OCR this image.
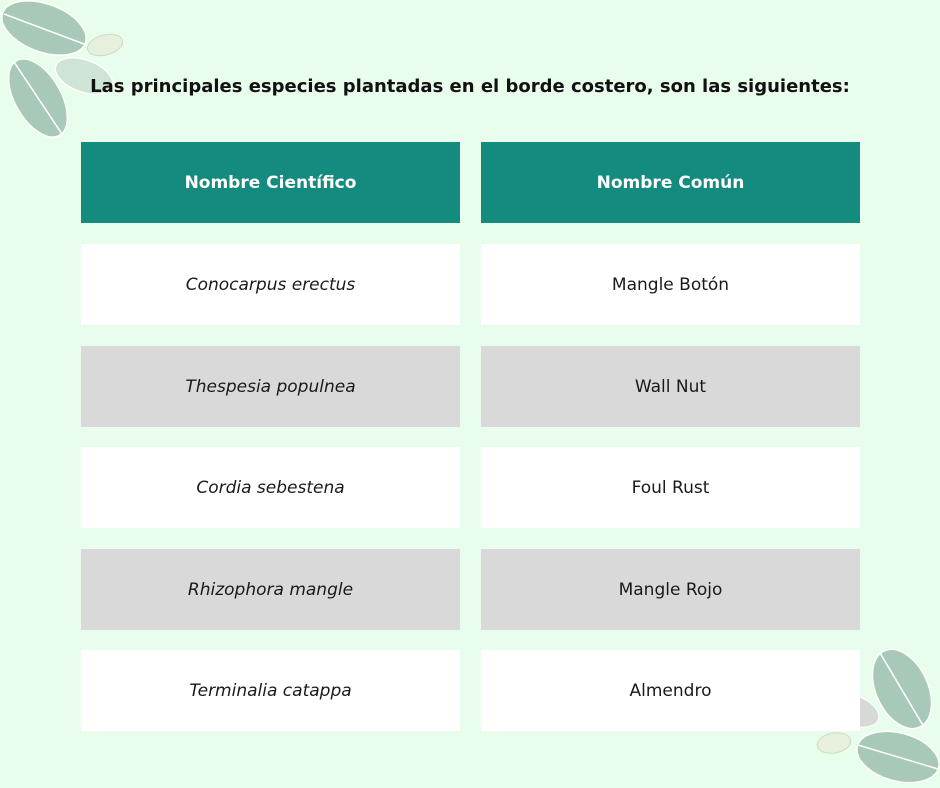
Las principales especies plantadas en el borde costero, son las siguientes:
Nombre Científico	Nombre Común
Conocarpus erectus	Mangle Botón
Thespesia populnea	Wall Nut
Cordia sebestena	Foul Rust
Rhizophora mangle	Mangle Rojo
Terminalia catappa	Almendro
